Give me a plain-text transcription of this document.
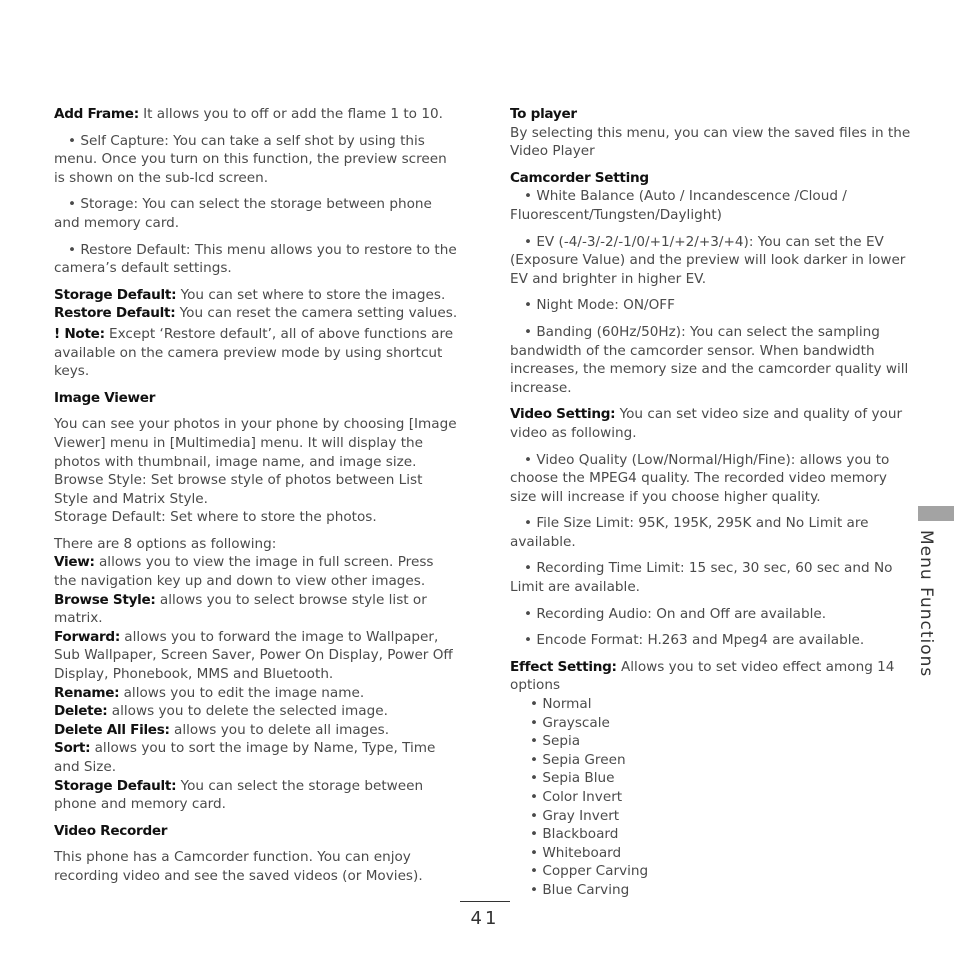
Add Frame: It allows you to off or add the flame 1 to 10.

• Self Capture: You can take a self shot by using this menu. Once you turn on this function, the preview screen is shown on the sub-lcd screen.

• Storage: You can select the storage between phone and memory card.

• Restore Default: This menu allows you to restore to the camera’s default settings.

Storage Default: You can set where to store the images.
Restore Default: You can reset the camera setting values.

! Note: Except ‘Restore default’, all of above functions are available on the camera preview mode by using shortcut keys.

Image Viewer
You can see your photos in your phone by choosing [Image Viewer] menu in [Multimedia] menu. It will display the photos with thumbnail, image name, and image size.
Browse Style: Set browse style of photos between List Style and Matrix Style.

Storage Default: Set where to store the photos.

There are 8 options as following:
View: allows you to view the image in full screen. Press the navigation key up and down to view other images.
Browse Style: allows you to select browse style list or matrix.
Forward: allows you to forward the image to Wallpaper, Sub Wallpaper, Screen Saver, Power On Display, Power Off Display, Phonebook, MMS and Bluetooth.
Rename: allows you to edit the image name.
Delete: allows you to delete the selected image.
Delete All Files: allows you to delete all images.
Sort: allows you to sort the image by Name, Type, Time and Size.

Storage Default: You can select the storage between phone and memory card.

Video Recorder
This phone has a Camcorder function. You can enjoy recording video and see the saved videos (or Movies).
To player

By selecting this menu, you can view the saved files in the Video Player

Camcorder Setting

• White Balance (Auto / Incandescence /Cloud / Fluorescent/Tungsten/Daylight)

• EV (-4/-3/-2/-1/0/+1/+2/+3/+4): You can set the EV (Exposure Value) and the preview will look darker in lower EV and brighter in higher EV.

• Night Mode: ON/OFF

• Banding (60Hz/50Hz): You can select the sampling bandwidth of the camcorder sensor. When bandwidth increases, the memory size and the camcorder quality will increase.

Video Setting: You can set video size and quality of your video as following.

• Video Quality (Low/Normal/High/Fine): allows you to choose the MPEG4 quality. The recorded video memory size will increase if you choose higher quality.

• File Size Limit: 95K, 195K, 295K and No Limit are available.

• Recording Time Limit: 15 sec, 30 sec, 60 sec and No Limit are available.

• Recording Audio: On and Off are available.

• Encode Format: H.263 and Mpeg4 are available.

Effect Setting: Allows you to set video effect among 14 options
• Normal
• Grayscale
• Sepia
• Sepia Green
• Sepia Blue
• Color Invert
• Gray Invert
• Blackboard
• Whiteboard
• Copper Carving
• Blue Carving
Menu Functions
41
